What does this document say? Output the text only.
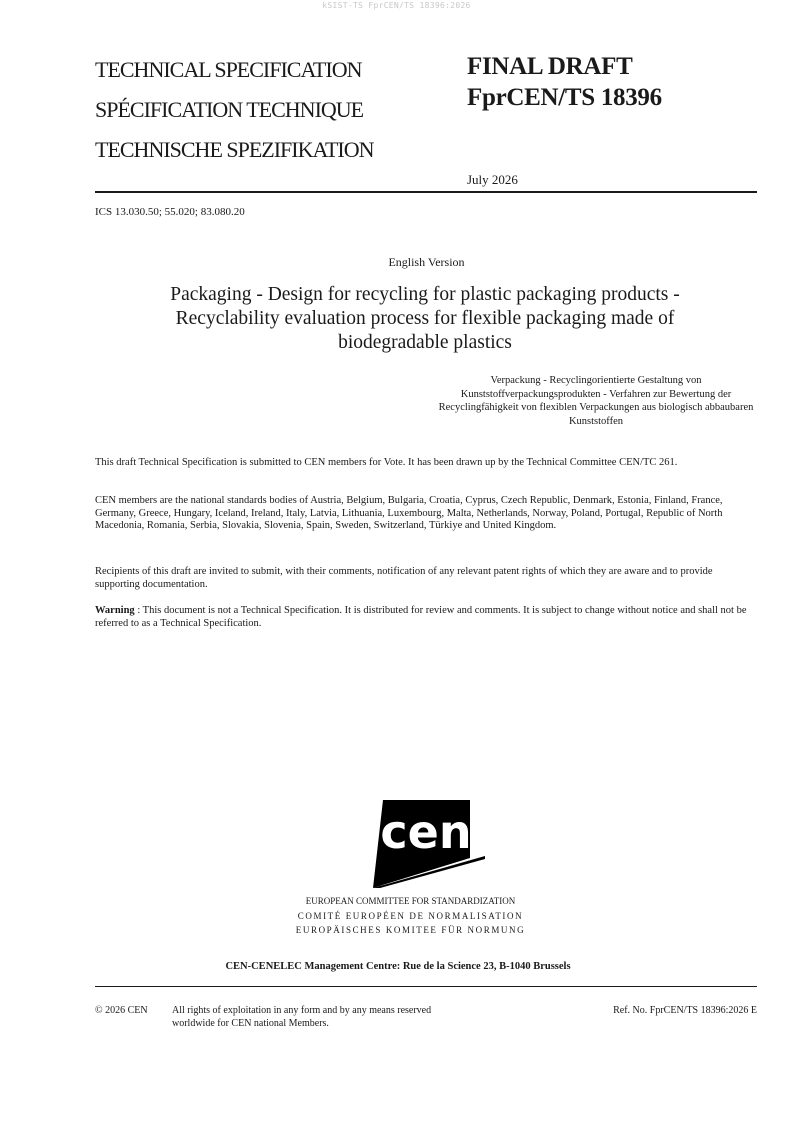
kSIST-TS FprCEN/TS 18396:2026
TECHNICAL SPECIFICATION
SPÉCIFICATION TECHNIQUE
TECHNISCHE SPEZIFIKATION
FINAL DRAFT
FprCEN/TS 18396
July 2026
ICS 13.030.50; 55.020; 83.080.20
English Version
Packaging - Design for recycling for plastic packaging products - Recyclability evaluation process for flexible packaging made of biodegradable plastics
Verpackung - Recyclingorientierte Gestaltung von Kunststoffverpackungsprodukten - Verfahren zur Bewertung der Recyclingfähigkeit von flexiblen Verpackungen aus biologisch abbaubaren Kunststoffen
This draft Technical Specification is submitted to CEN members for Vote. It has been drawn up by the Technical Committee CEN/TC 261.
CEN members are the national standards bodies of Austria, Belgium, Bulgaria, Croatia, Cyprus, Czech Republic, Denmark, Estonia, Finland, France, Germany, Greece, Hungary, Iceland, Ireland, Italy, Latvia, Lithuania, Luxembourg, Malta, Netherlands, Norway, Poland, Portugal, Republic of North Macedonia, Romania, Serbia, Slovakia, Slovenia, Spain, Sweden, Switzerland, Türkiye and United Kingdom.
Recipients of this draft are invited to submit, with their comments, notification of any relevant patent rights of which they are aware and to provide supporting documentation.
Warning : This document is not a Technical Specification. It is distributed for review and comments. It is subject to change without notice and shall not be referred to as a Technical Specification.
cen
EUROPEAN COMMITTEE FOR STANDARDIZATION
COMITÉ EUROPÉEN DE NORMALISATION
EUROPÄISCHES KOMITEE FÜR NORMUNG
CEN-CENELEC Management Centre: Rue de la Science 23, B-1040 Brussels
© 2026 CEN All rights of exploitation in any form and by any means reserved
worldwide for CEN national Members.
Ref. No. FprCEN/TS 18396:2026 E
